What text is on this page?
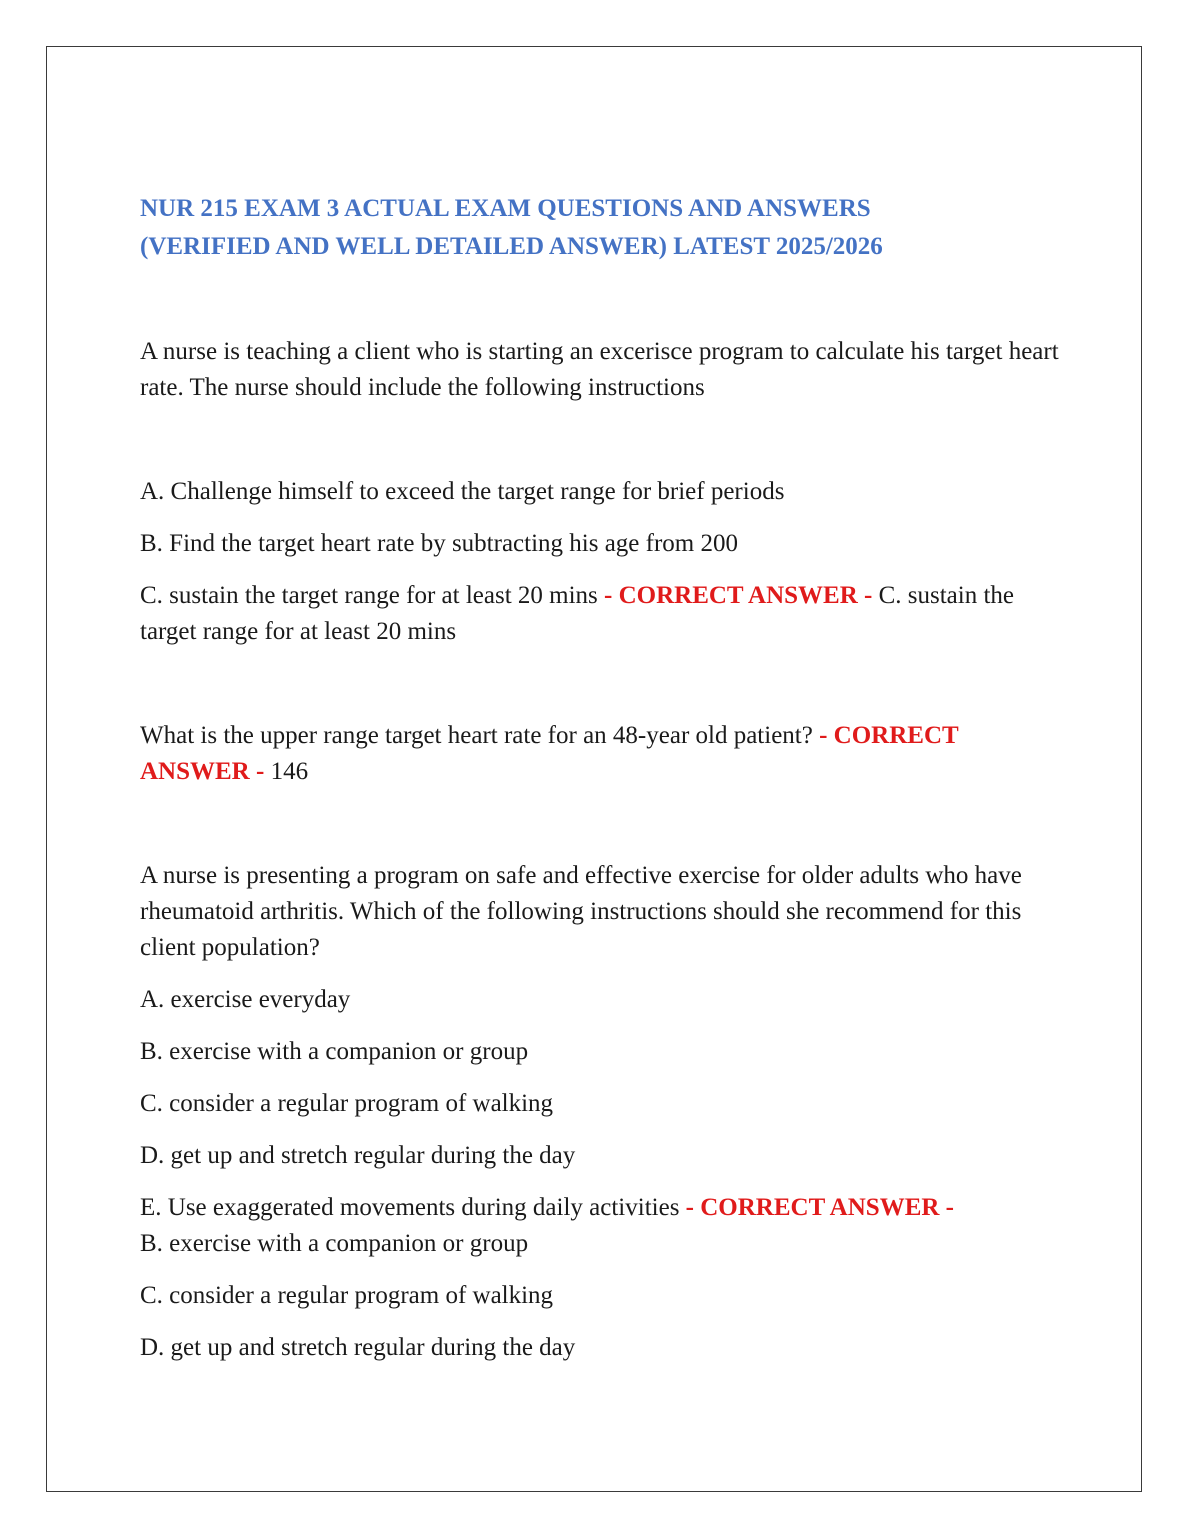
NUR 215 EXAM 3 ACTUAL EXAM QUESTIONS AND ANSWERS
(VERIFIED AND WELL DETAILED ANSWER) LATEST 2025/2026

A nurse is teaching a client who is starting an excerisce program to calculate his target heart rate. The nurse should include the following instructions

A. Challenge himself to exceed the target range for brief periods

B. Find the target heart rate by subtracting his age from 200

C. sustain the target range for at least 20 mins - CORRECT ANSWER - C. sustain the target range for at least 20 mins

What is the upper range target heart rate for an 48-year old patient? - CORRECT ANSWER - 146

A nurse is presenting a program on safe and effective exercise for older adults who have rheumatoid arthritis. Which of the following instructions should she recommend for this client population?

A. exercise everyday

B. exercise with a companion or group

C. consider a regular program of walking

D. get up and stretch regular during the day

E. Use exaggerated movements during daily activities - CORRECT ANSWER -
B. exercise with a companion or group

C. consider a regular program of walking

D. get up and stretch regular during the day
